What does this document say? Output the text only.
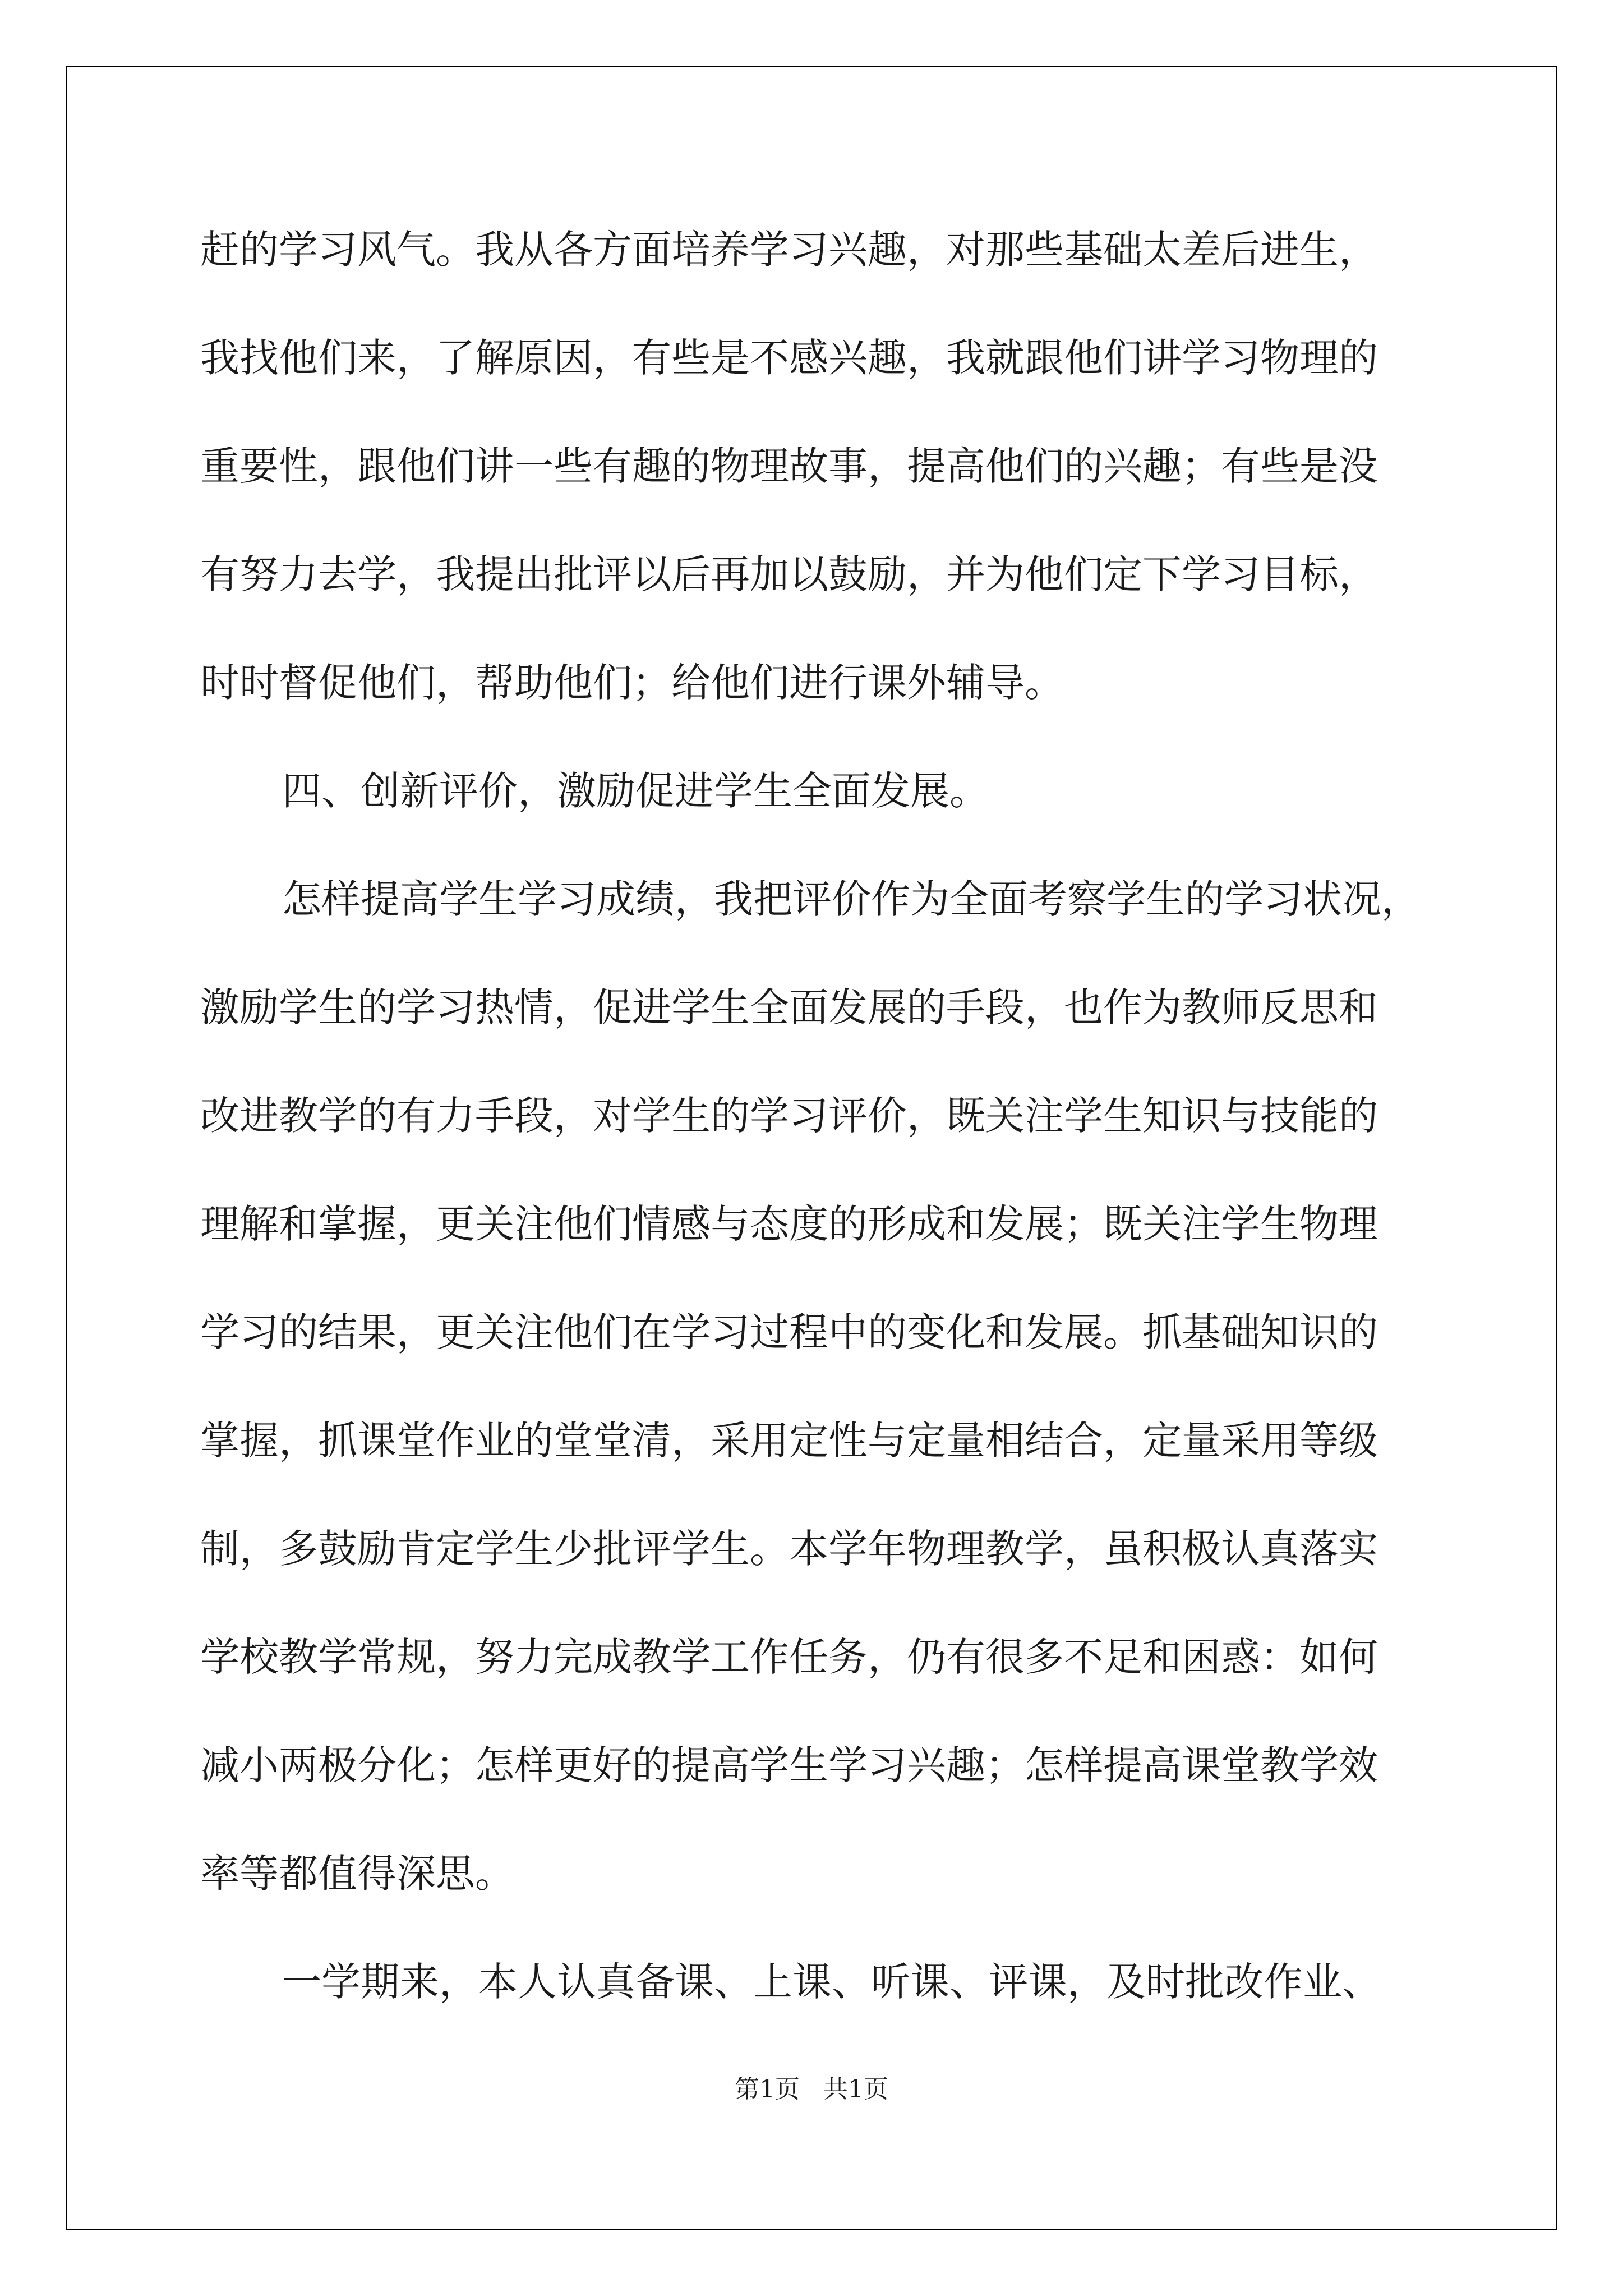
赶的学习风气。我从各方面培养学习兴趣，对那些基础太差后进生，

我找他们来，了解原因，有些是不感兴趣，我就跟他们讲学习物理的

重要性，跟他们讲一些有趣的物理故事，提高他们的兴趣；有些是没

有努力去学，我提出批评以后再加以鼓励，并为他们定下学习目标，

时时督促他们，帮助他们；给他们进行课外辅导。

四、创新评价，激励促进学生全面发展。

怎样提高学生学习成绩，我把评价作为全面考察学生的学习状况，

激励学生的学习热情，促进学生全面发展的手段，也作为教师反思和

改进教学的有力手段，对学生的学习评价，既关注学生知识与技能的

理解和掌握，更关注他们情感与态度的形成和发展；既关注学生物理

学习的结果，更关注他们在学习过程中的变化和发展。抓基础知识的

掌握，抓课堂作业的堂堂清，采用定性与定量相结合，定量采用等级

制，多鼓励肯定学生少批评学生。本学年物理教学，虽积极认真落实

学校教学常规，努力完成教学工作任务，仍有很多不足和困惑：如何

减小两极分化；怎样更好的提高学生学习兴趣；怎样提高课堂教学效

率等都值得深思。

一学期来，本人认真备课、上课、听课、评课，及时批改作业、

第1页   共1页
